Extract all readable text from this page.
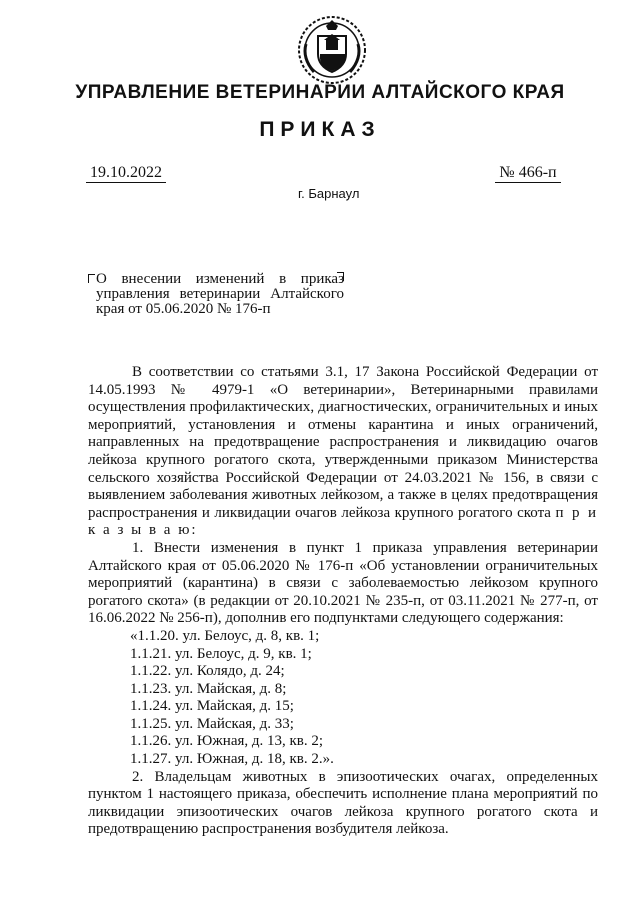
УПРАВЛЕНИЕ ВЕТЕРИНАРИИ АЛТАЙСКОГО КРАЯ
ПРИКАЗ
19.10.2022	№ 466-п
г. Барнаул
О внесении изменений в приказ управления ветеринарии Алтайского края от 05.06.2020 № 176-п

В соответствии со статьями 3.1, 17 Закона Российской Федерации от 14.05.1993 № 4979-1 «О ветеринарии», Ветеринарными правилами осуществления профилактических, диагностических, ограничительных и иных мероприятий, установления и отмены карантина и иных ограничений, направленных на предотвращение распространения и ликвидацию очагов лейкоза крупного рогатого скота, утвержденными приказом Министерства сельского хозяйства Российской Федерации от 24.03.2021 № 156, в связи с выявлением заболевания животных лейкозом, а также в целях предотвращения распространения и ликвидации очагов лейкоза крупного рогатого скота п р и к а з ы в а ю:

1. Внести изменения в пункт 1 приказа управления ветеринарии Алтайского края от 05.06.2020 № 176-п «Об установлении ограничительных мероприятий (карантина) в связи с заболеваемостью лейкозом крупного рогатого скота» (в редакции от 20.10.2021 № 235-п, от 03.11.2021 № 277-п, от 16.06.2022 № 256-п), дополнив его подпунктами следующего содержания:

«1.1.20. ул. Белоус, д. 8, кв. 1;

1.1.21. ул. Белоус, д. 9, кв. 1;

1.1.22. ул. Колядо, д. 24;

1.1.23. ул. Майская, д. 8;

1.1.24. ул. Майская, д. 15;

1.1.25. ул. Майская, д. 33;

1.1.26. ул. Южная, д. 13, кв. 2;

1.1.27. ул. Южная, д. 18, кв. 2.».

2. Владельцам животных в эпизоотических очагах, определенных пунктом 1 настоящего приказа, обеспечить исполнение плана мероприятий по ликвидации эпизоотических очагов лейкоза крупного рогатого скота и предотвращению распространения возбудителя лейкоза.
